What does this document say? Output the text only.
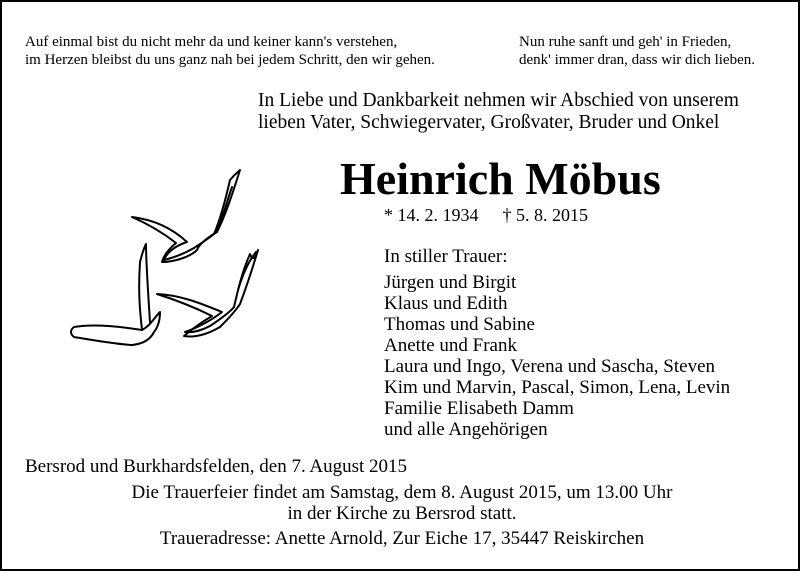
Auf einmal bist du nicht mehr da und keiner kann's verstehen,
im Herzen bleibst du uns ganz nah bei jedem Schritt, den wir gehen.
Nun ruhe sanft und geh' in Frieden,
denk' immer dran, dass wir dich lieben.
In Liebe und Dankbarkeit nehmen wir Abschied von unserem
lieben Vater, Schwiegervater, Großvater, Bruder und Onkel
Heinrich Möbus
* 14. 2. 1934 † 5. 8. 2015
In stiller Trauer:
Jürgen und Birgit
Klaus und Edith
Thomas und Sabine
Anette und Frank
Laura und Ingo, Verena und Sascha, Steven
Kim und Marvin, Pascal, Simon, Lena, Levin
Familie Elisabeth Damm
und alle Angehörigen
Bersrod und Burkhardsfelden, den 7. August 2015
Die Trauerfeier findet am Samstag, dem 8. August 2015, um 13.00 Uhr
in der Kirche zu Bersrod statt.
Traueradresse: Anette Arnold, Zur Eiche 17, 35447 Reiskirchen
